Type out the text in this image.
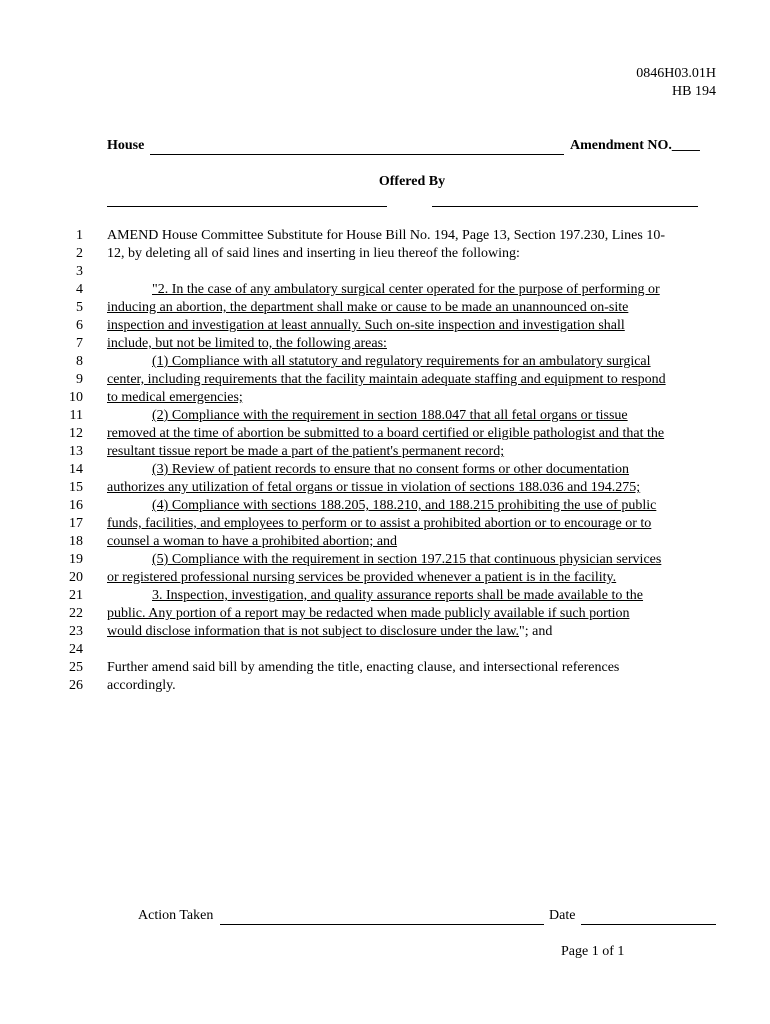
0846H03.01H
HB 194
House	Amendment NO.____
Offered By
1
2
3
4
5
6
7
8
9
10
11
12
13
14
15
16
17
18
19
20
21
22
23
24
25
26
AMEND House Committee Substitute for House Bill No. 194, Page 13, Section 197.230, Lines 10-
12, by deleting all of said lines and inserting in lieu thereof the following:
"2. In the case of any ambulatory surgical center operated for the purpose of performing or
inducing an abortion, the department shall make or cause to be made an unannounced on-site
inspection and investigation at least annually. Such on-site inspection and investigation shall
include, but not be limited to, the following areas:
(1) Compliance with all statutory and regulatory requirements for an ambulatory surgical
center, including requirements that the facility maintain adequate staffing and equipment to respond
to medical emergencies;
(2) Compliance with the requirement in section 188.047 that all fetal organs or tissue
removed at the time of abortion be submitted to a board certified or eligible pathologist and that the
resultant tissue report be made a part of the patient's permanent record;
(3) Review of patient records to ensure that no consent forms or other documentation
authorizes any utilization of fetal organs or tissue in violation of sections 188.036 and 194.275;
(4) Compliance with sections 188.205, 188.210, and 188.215 prohibiting the use of public
funds, facilities, and employees to perform or to assist a prohibited abortion or to encourage or to
counsel a woman to have a prohibited abortion; and
(5) Compliance with the requirement in section 197.215 that continuous physician services
or registered professional nursing services be provided whenever a patient is in the facility.
3. Inspection, investigation, and quality assurance reports shall be made available to the
public. Any portion of a report may be redacted when made publicly available if such portion
would disclose information that is not subject to disclosure under the law."; and
Further amend said bill by amending the title, enacting clause, and intersectional references
accordingly.
Action Taken	Date
Page 1 of 1
